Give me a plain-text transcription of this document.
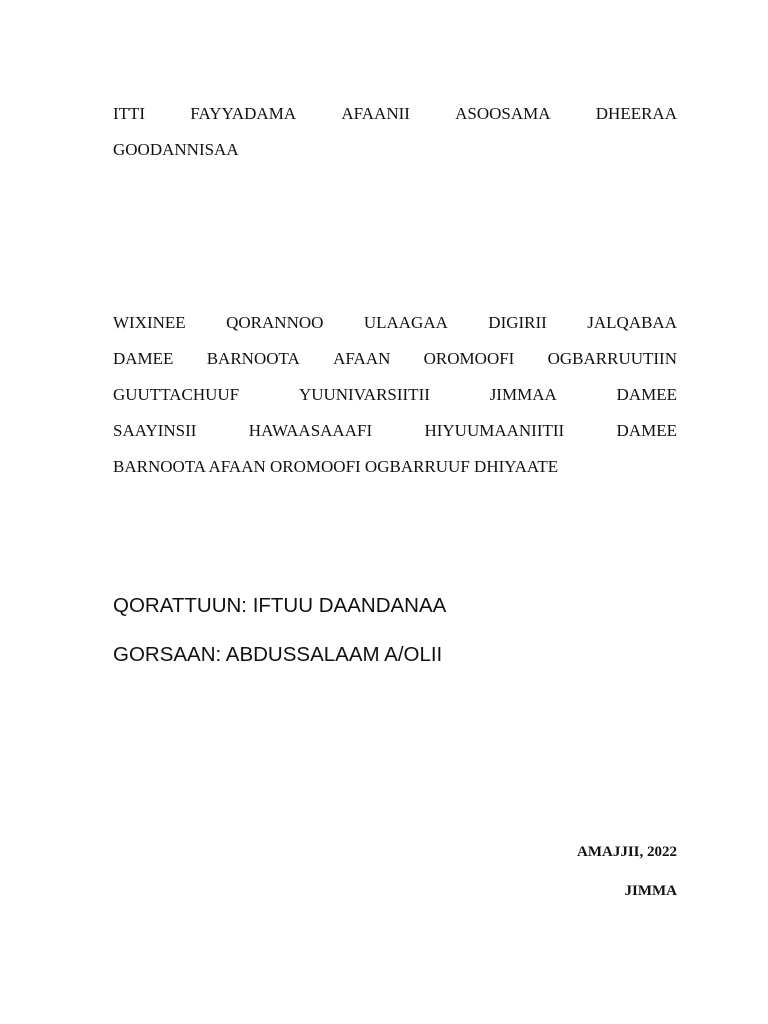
ITTI	FAYYADAMA	AFAANII	ASOOSAMA	DHEERAA
GOODANNISAA
WIXINEE QORANNOO ULAAGAA DIGIRII JALQABAA
DAMEE BARNOOTA AFAAN OROMOOFI OGBARRUUTIIN
GUUTTACHUUF	YUUNIVARSIITII	JIMMAA	DAMEE
SAAYINSII	HAWAASAAAFI	HIYUUMAANIITII	DAMEE
BARNOOTA AFAAN OROMOOFI OGBARRUUF DHIYAATE
QORATTUUN: IFTUU DAANDANAA
GORSAAN: ABDUSSALAAM A/OLII
AMAJJII, 2022
JIMMA
